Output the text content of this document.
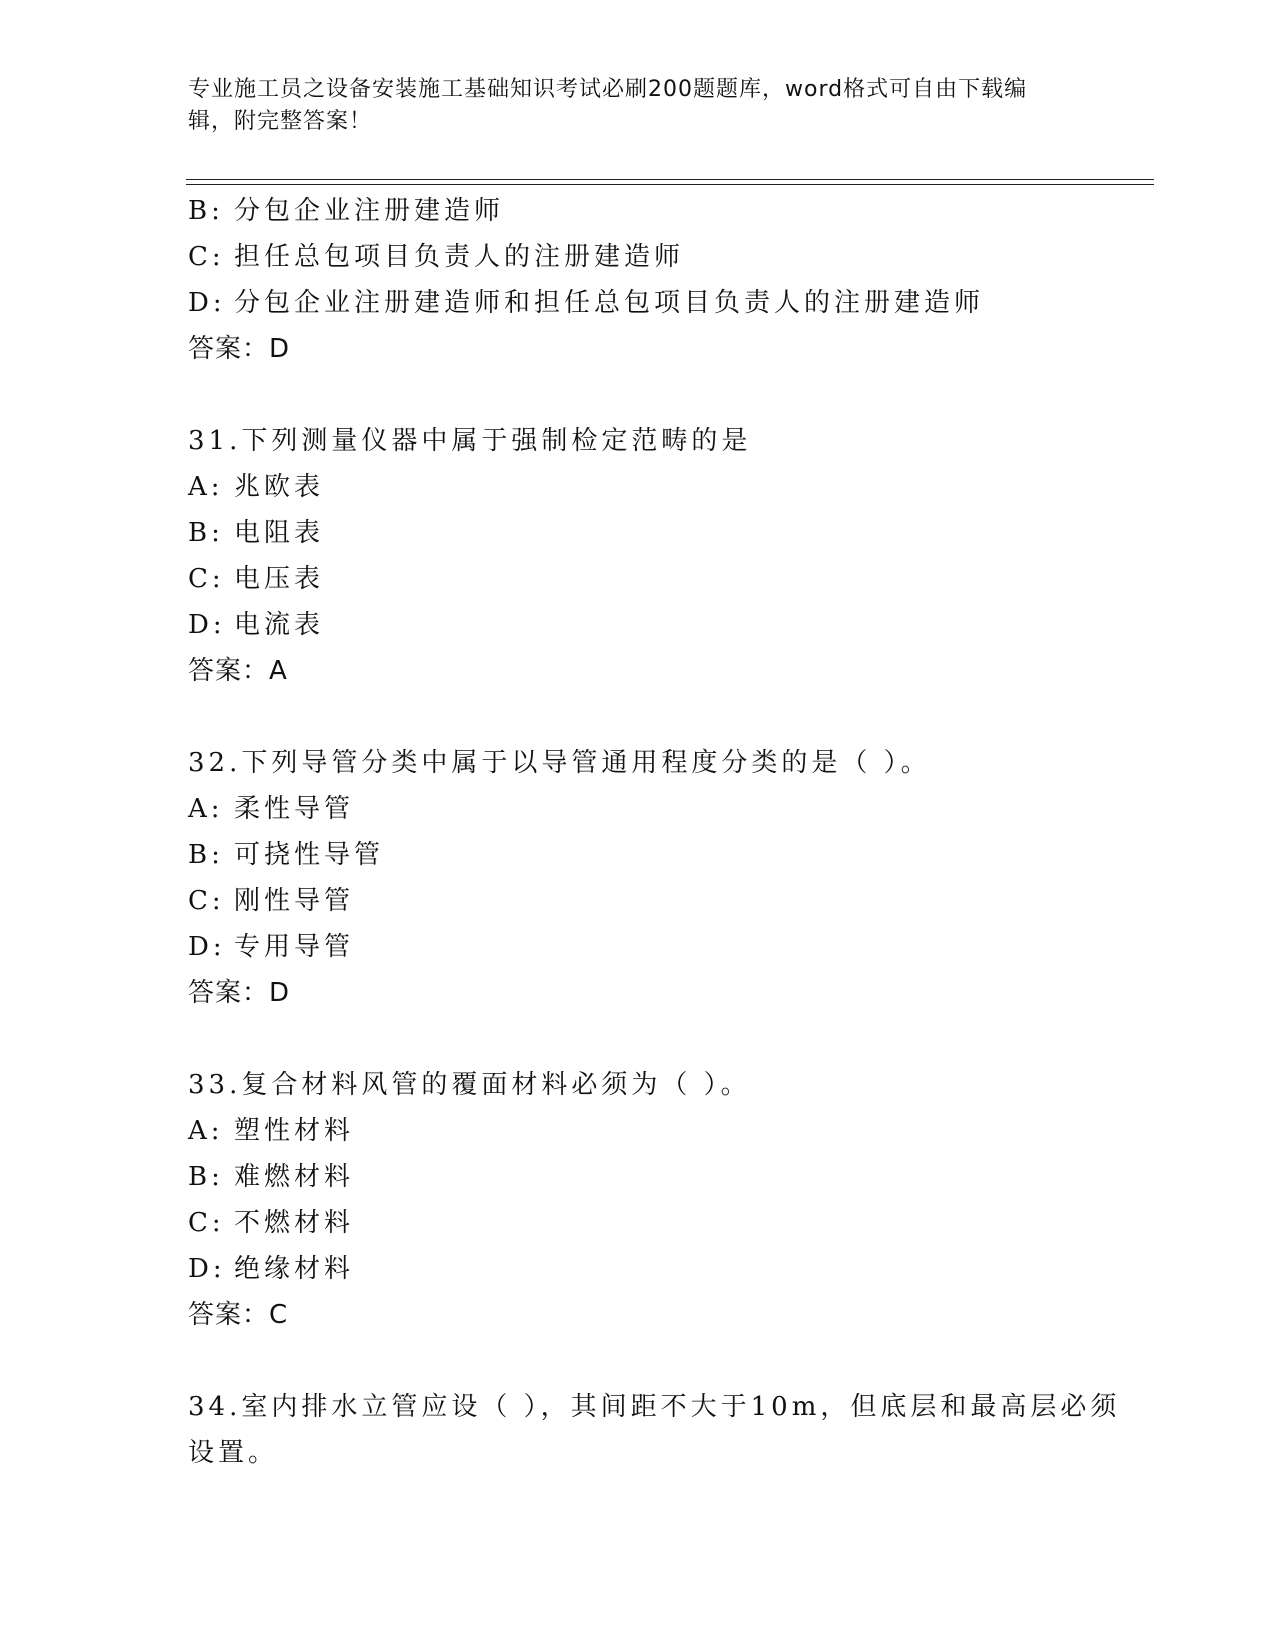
专业施工员之设备安装施工基础知识考试必刷200题题库，word格式可自由下载编辑，附完整答案！
B: 分包企业注册建造师
C: 担任总包项目负责人的注册建造师
D: 分包企业注册建造师和担任总包项目负责人的注册建造师
答案：D
31.下列测量仪器中属于强制检定范畴的是
A: 兆欧表
B: 电阻表
C: 电压表
D: 电流表
答案：A
32.下列导管分类中属于以导管通用程度分类的是（ ）。
A: 柔性导管
B: 可挠性导管
C: 刚性导管
D: 专用导管
答案：D
33.复合材料风管的覆面材料必须为（ ）。
A: 塑性材料
B: 难燃材料
C: 不燃材料
D: 绝缘材料
答案：C
34.室内排水立管应设（ ），其间距不大于10m，但底层和最高层必须设置。
